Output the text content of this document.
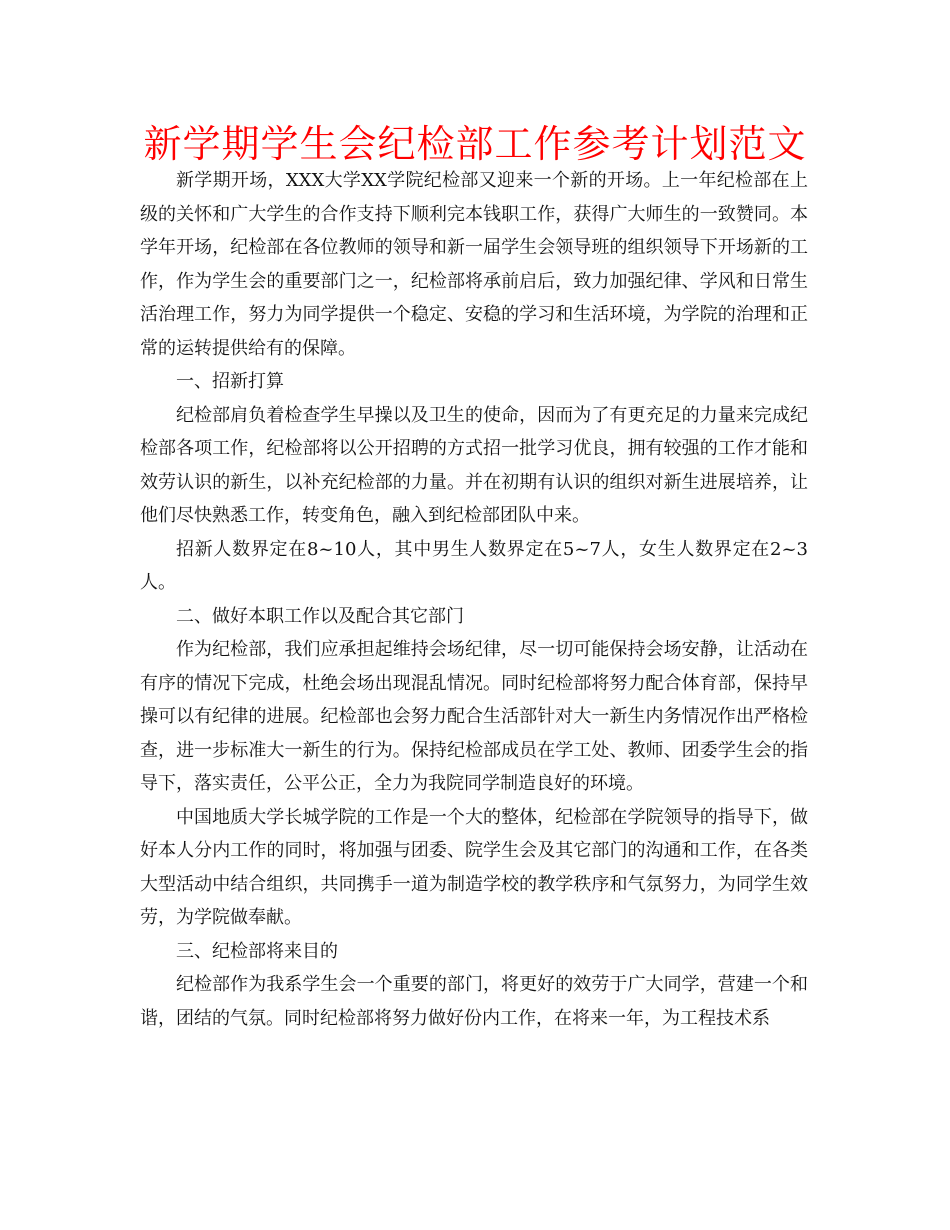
新学期学生会纪检部工作参考计划范文

新学期开场，XXX大学XX学院纪检部又迎来一个新的开场。上一年纪检部在上级的关怀和广大学生的合作支持下顺利完本钱职工作，获得广大师生的一致赞同。本学年开场，纪检部在各位教师的领导和新一届学生会领导班的组织领导下开场新的工作，作为学生会的重要部门之一，纪检部将承前启后，致力加强纪律、学风和日常生活治理工作，努力为同学提供一个稳定、安稳的学习和生活环境，为学院的治理和正常的运转提供给有的保障。

一、招新打算

纪检部肩负着检查学生早操以及卫生的使命，因而为了有更充足的力量来完成纪检部各项工作，纪检部将以公开招聘的方式招一批学习优良，拥有较强的工作才能和效劳认识的新生，以补充纪检部的力量。并在初期有认识的组织对新生进展培养，让他们尽快熟悉工作，转变角色，融入到纪检部团队中来。

招新人数界定在8~10人，其中男生人数界定在5~7人，女生人数界定在2~3人。

二、做好本职工作以及配合其它部门

作为纪检部，我们应承担起维持会场纪律，尽一切可能保持会场安静，让活动在有序的情况下完成，杜绝会场出现混乱情况。同时纪检部将努力配合体育部，保持早操可以有纪律的进展。纪检部也会努力配合生活部针对大一新生内务情况作出严格检查，进一步标准大一新生的行为。保持纪检部成员在学工处、教师、团委学生会的指导下，落实责任，公平公正，全力为我院同学制造良好的环境。

中国地质大学长城学院的工作是一个大的整体，纪检部在学院领导的指导下，做好本人分内工作的同时，将加强与团委、院学生会及其它部门的沟通和工作，在各类大型活动中结合组织，共同携手一道为制造学校的教学秩序和气氛努力，为同学生效劳，为学院做奉献。

三、纪检部将来目的

纪检部作为我系学生会一个重要的部门，将更好的效劳于广大同学，营建一个和谐，团结的气氛。同时纪检部将努力做好份内工作，在将来一年，为工程技术系
